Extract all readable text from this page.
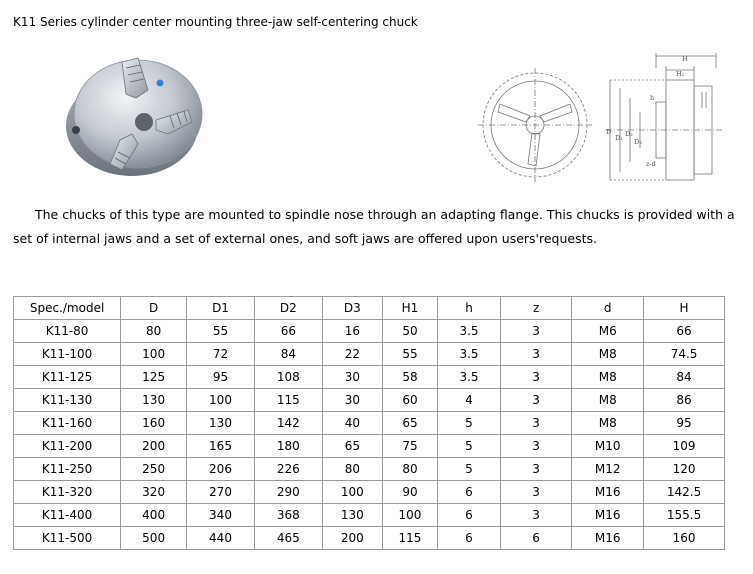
K11 Series cylinder center mounting three-jaw self-centering chuck
H
H₁
h
D
D₁ D₂
D₃
z-d
The chucks of this type are mounted to spindle nose through an adapting flange. This chucks is provided with a set of internal jaws and a set of external ones, and soft jaws are offered upon users'requests.
Spec./model	D	D1	D2	D3	H1	h	z	d	H
K11-80	80	55	66	16	50	3.5	3	M6	66
K11-100	100	72	84	22	55	3.5	3	M8	74.5
K11-125	125	95	108	30	58	3.5	3	M8	84
K11-130	130	100	115	30	60	4	3	M8	86
K11-160	160	130	142	40	65	5	3	M8	95
K11-200	200	165	180	65	75	5	3	M10	109
K11-250	250	206	226	80	80	5	3	M12	120
K11-320	320	270	290	100	90	6	3	M16	142.5
K11-400	400	340	368	130	100	6	3	M16	155.5
K11-500	500	440	465	200	115	6	6	M16	160
